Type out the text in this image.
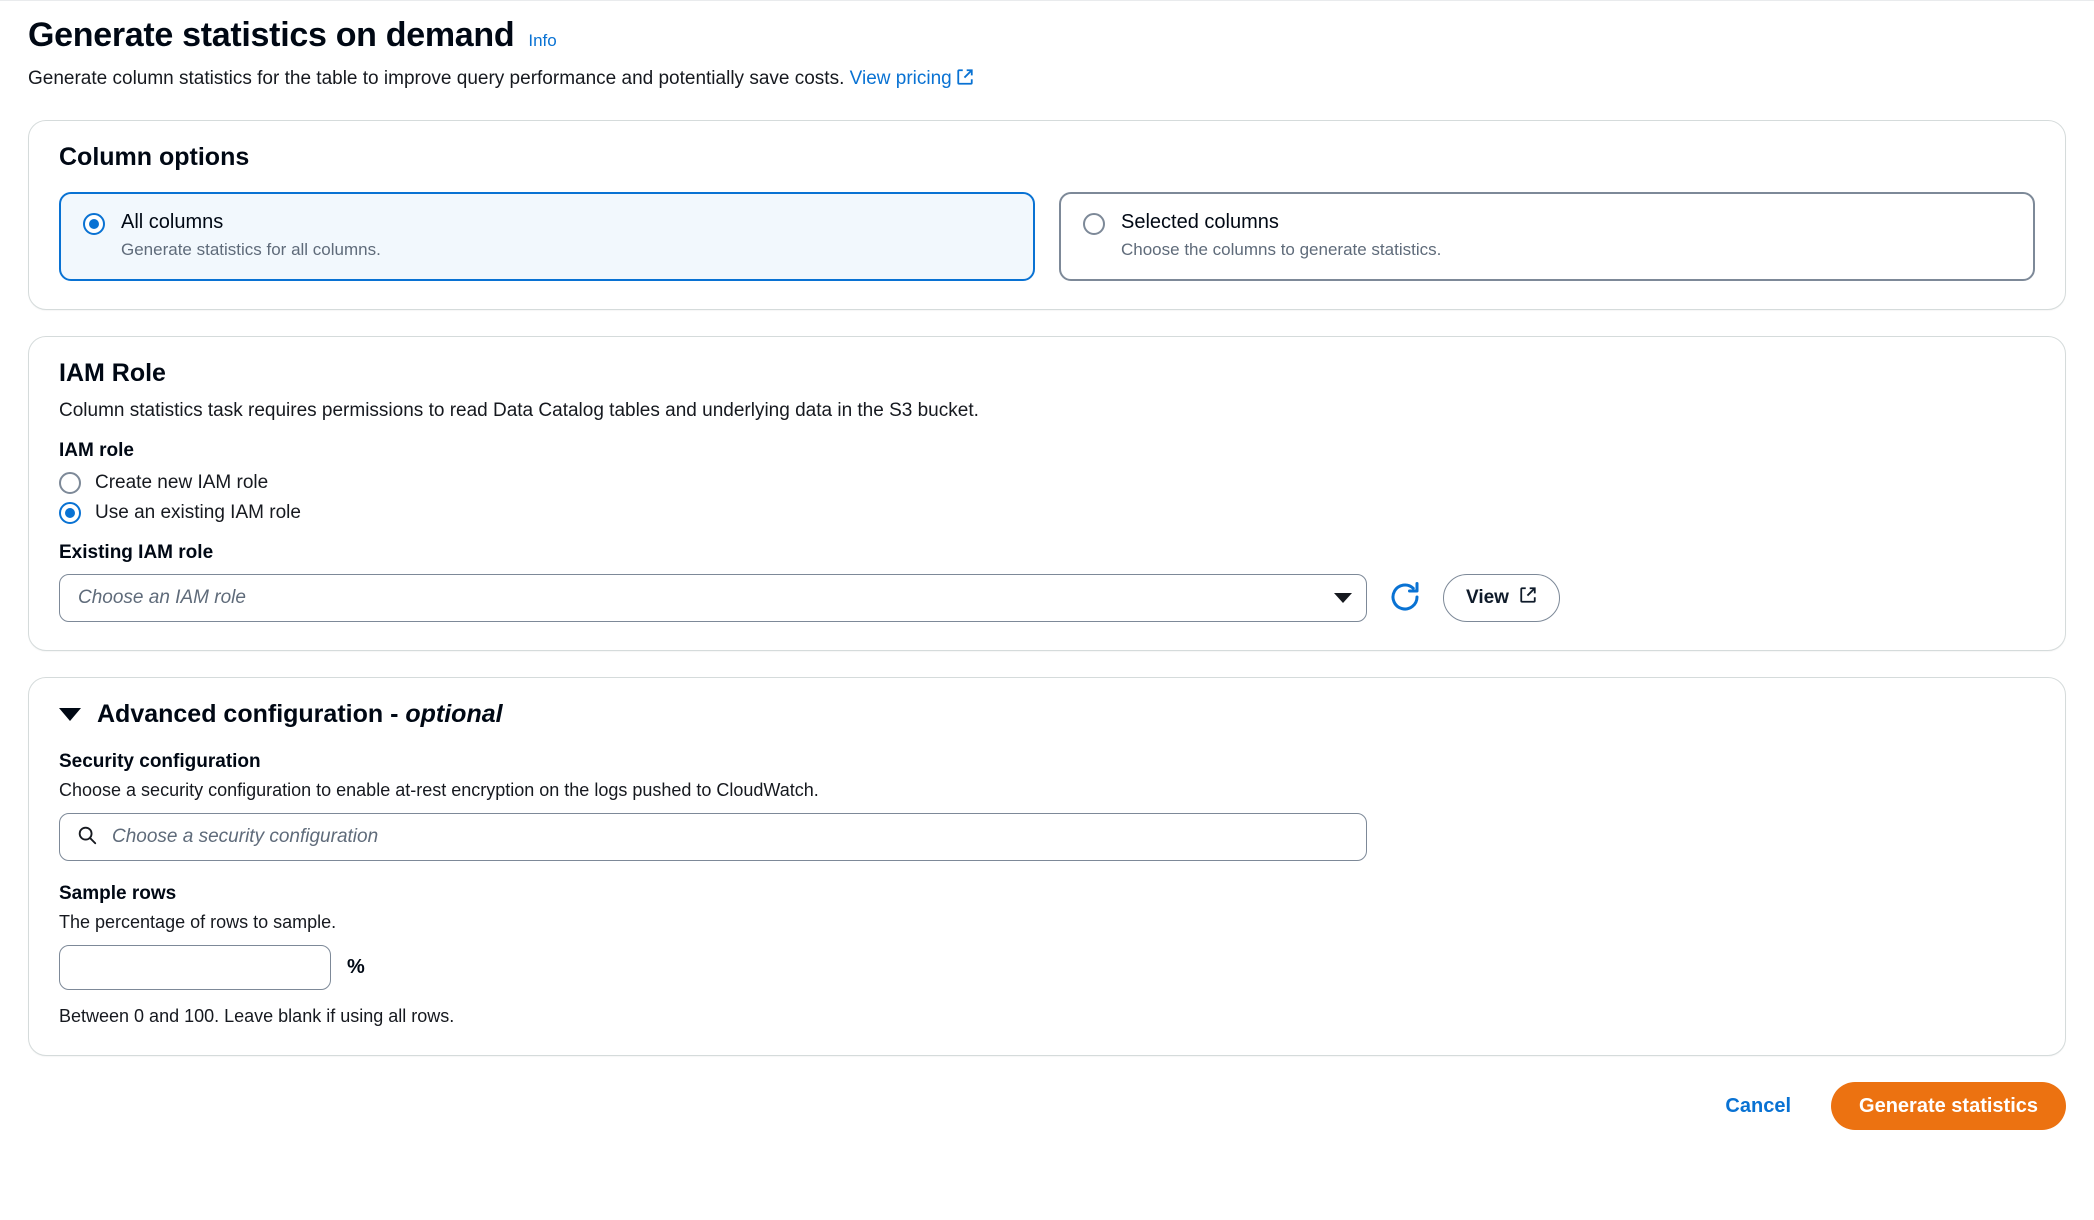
Generate statistics on demand Info
Generate column statistics for the table to improve query performance and potentially save costs. View pricing
Column options
All columns
Generate statistics for all columns.
Selected columns
Choose the columns to generate statistics.
IAM Role
Column statistics task requires permissions to read Data Catalog tables and underlying data in the S3 bucket.
IAM role
Create new IAM role
Use an existing IAM role
Existing IAM role
Choose an IAM role	View
Advanced configuration - optional
Security configuration
Choose a security configuration to enable at-rest encryption on the logs pushed to CloudWatch.
Choose a security configuration
Sample rows
The percentage of rows to sample.
%
Between 0 and 100. Leave blank if using all rows.
Cancel	Generate statistics
